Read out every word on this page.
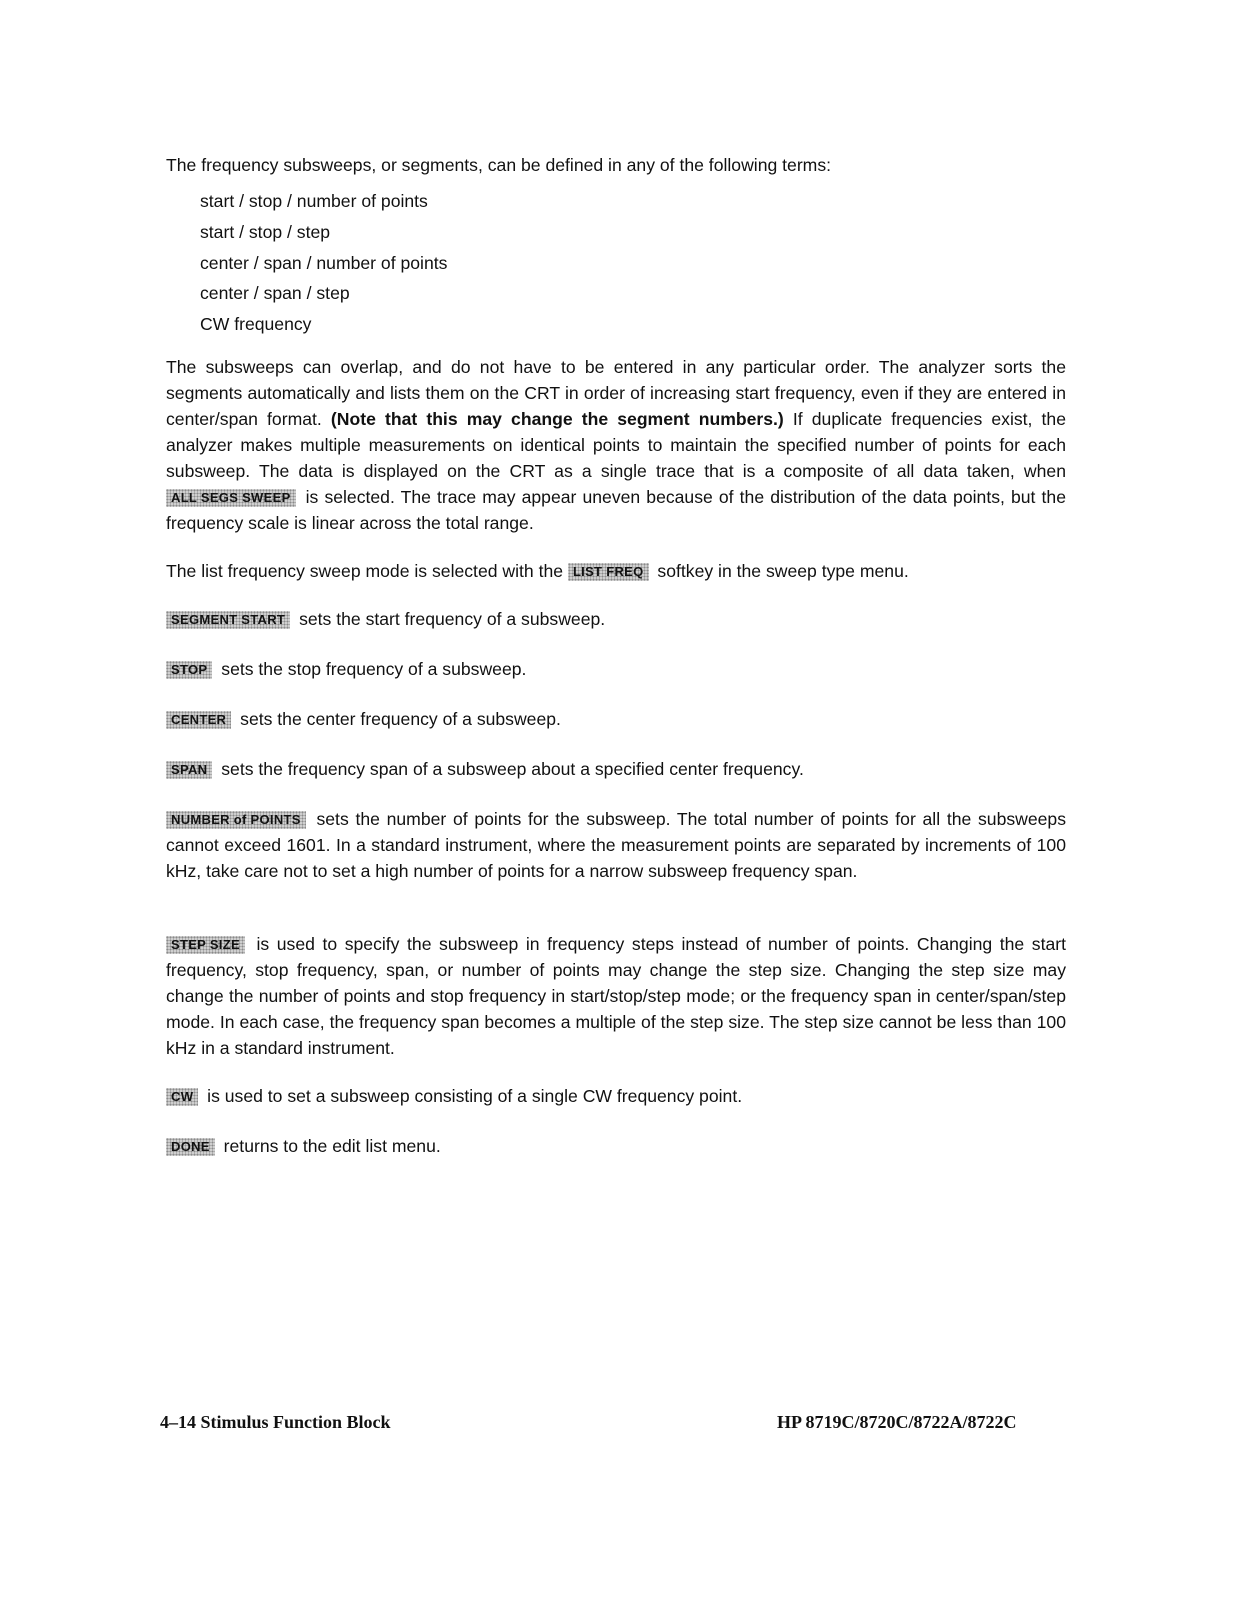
The frequency subsweeps, or segments, can be defined in any of the following terms:

start / stop / number of points
start / stop / step
center / span / number of points
center / span / step
CW frequency

The subsweeps can overlap, and do not have to be entered in any particular order. The analyzer sorts the segments automatically and lists them on the CRT in order of increasing start frequency, even if they are entered in center/span format. (Note that this may change the segment numbers.) If duplicate frequencies exist, the analyzer makes multiple measurements on identical points to maintain the specified number of points for each subsweep. The data is displayed on the CRT as a single trace that is a composite of all data taken, when ALL SEGS SWEEP is selected. The trace may appear uneven because of the distribution of the data points, but the frequency scale is linear across the total range.

The list frequency sweep mode is selected with the LIST FREQ softkey in the sweep type menu.

SEGMENT START sets the start frequency of a subsweep.

STOP sets the stop frequency of a subsweep.

CENTER sets the center frequency of a subsweep.

SPAN sets the frequency span of a subsweep about a specified center frequency.

NUMBER of POINTS sets the number of points for the subsweep. The total number of points for all the subsweeps cannot exceed 1601. In a standard instrument, where the measurement points are separated by increments of 100 kHz, take care not to set a high number of points for a narrow subsweep frequency span.

STEP SIZE is used to specify the subsweep in frequency steps instead of number of points. Changing the start frequency, stop frequency, span, or number of points may change the step size. Changing the step size may change the number of points and stop frequency in start/stop/step mode; or the frequency span in center/span/step mode. In each case, the frequency span becomes a multiple of the step size. The step size cannot be less than 100 kHz in a standard instrument.

CW is used to set a subsweep consisting of a single CW frequency point.

DONE returns to the edit list menu.

4–14 Stimulus Function Block	HP 8719C/8720C/8722A/8722C
